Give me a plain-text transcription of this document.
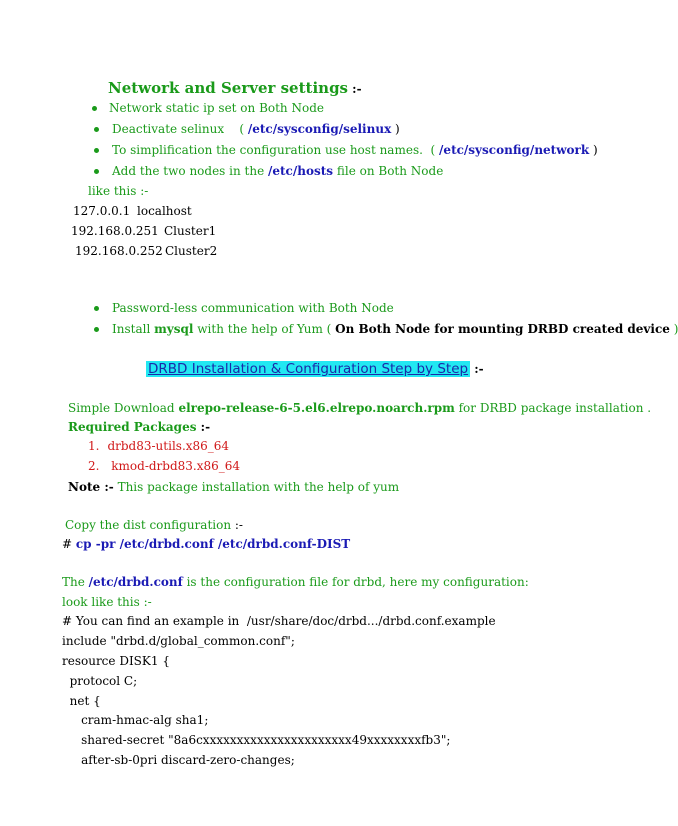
Network and Server settings :-
Network static ip set on Both Node
Deactivate selinux    ( /etc/sysconfig/selinux )
To simplification the configuration use host names.  ( /etc/sysconfig/network )
Add the two nodes in the /etc/hosts file on Both Node
like this :-
127.0.0.1 localhost
192.168.0.251 Cluster1
192.168.0.252 Cluster2
Password-less communication with Both Node
Install mysql with the help of Yum ( On Both Node for mounting DRBD created device )
DRBD Installation & Configuration Step by Step :-
Simple Download elrepo-release-6-5.el6.elrepo.noarch.rpm for DRBD package installation .
Required Packages :-
1. drbd83-utils.x86_64
2. kmod-drbd83.x86_64
Note :- This package installation with the help of yum
Copy the dist configuration :-
# cp -pr /etc/drbd.conf /etc/drbd.conf-DIST
The /etc/drbd.conf is the configuration file for drbd, here my configuration:
look like this :-
# You can find an example in  /usr/share/doc/drbd.../drbd.conf.example
include "drbd.d/global_common.conf";
resource DISK1 {
protocol C;
net {
cram-hmac-alg sha1;
shared-secret "8a6cxxxxxxxxxxxxxxxxxxxxxx49xxxxxxxxfb3";
after-sb-0pri discard-zero-changes;
